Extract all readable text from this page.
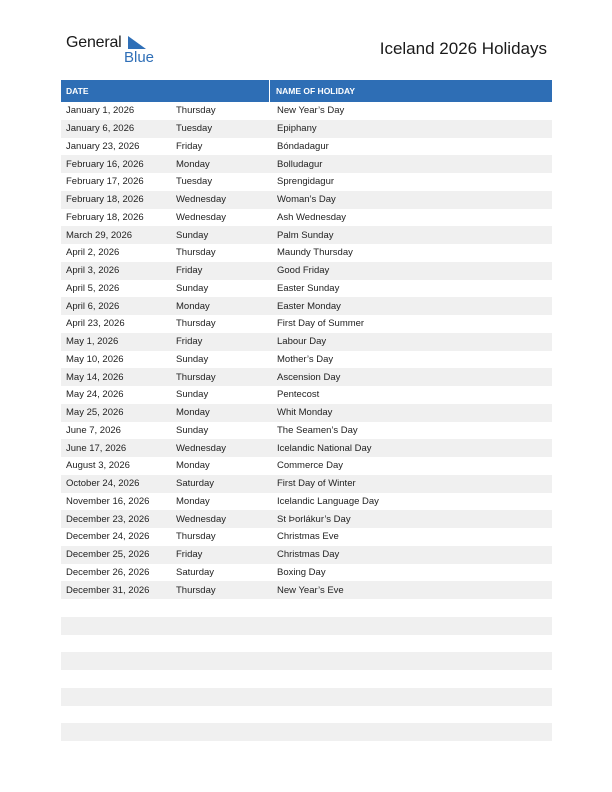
General
Blue	Iceland 2026 Holidays
DATE	NAME OF HOLIDAY
January 1, 2026	Thursday	New Year’s Day
January 6, 2026	Tuesday	Epiphany
January 23, 2026	Friday	Bóndadagur
February 16, 2026	Monday	Bolludagur
February 17, 2026	Tuesday	Sprengidagur
February 18, 2026	Wednesday	Woman’s Day
February 18, 2026	Wednesday	Ash Wednesday
March 29, 2026	Sunday	Palm Sunday
April 2, 2026	Thursday	Maundy Thursday
April 3, 2026	Friday	Good Friday
April 5, 2026	Sunday	Easter Sunday
April 6, 2026	Monday	Easter Monday
April 23, 2026	Thursday	First Day of Summer
May 1, 2026	Friday	Labour Day
May 10, 2026	Sunday	Mother’s Day
May 14, 2026	Thursday	Ascension Day
May 24, 2026	Sunday	Pentecost
May 25, 2026	Monday	Whit Monday
June 7, 2026	Sunday	The Seamen’s Day
June 17, 2026	Wednesday	Icelandic National Day
August 3, 2026	Monday	Commerce Day
October 24, 2026	Saturday	First Day of Winter
November 16, 2026	Monday	Icelandic Language Day
December 23, 2026	Wednesday	St Þorlákur’s Day
December 24, 2026	Thursday	Christmas Eve
December 25, 2026	Friday	Christmas Day
December 26, 2026	Saturday	Boxing Day
December 31, 2026	Thursday	New Year’s Eve
